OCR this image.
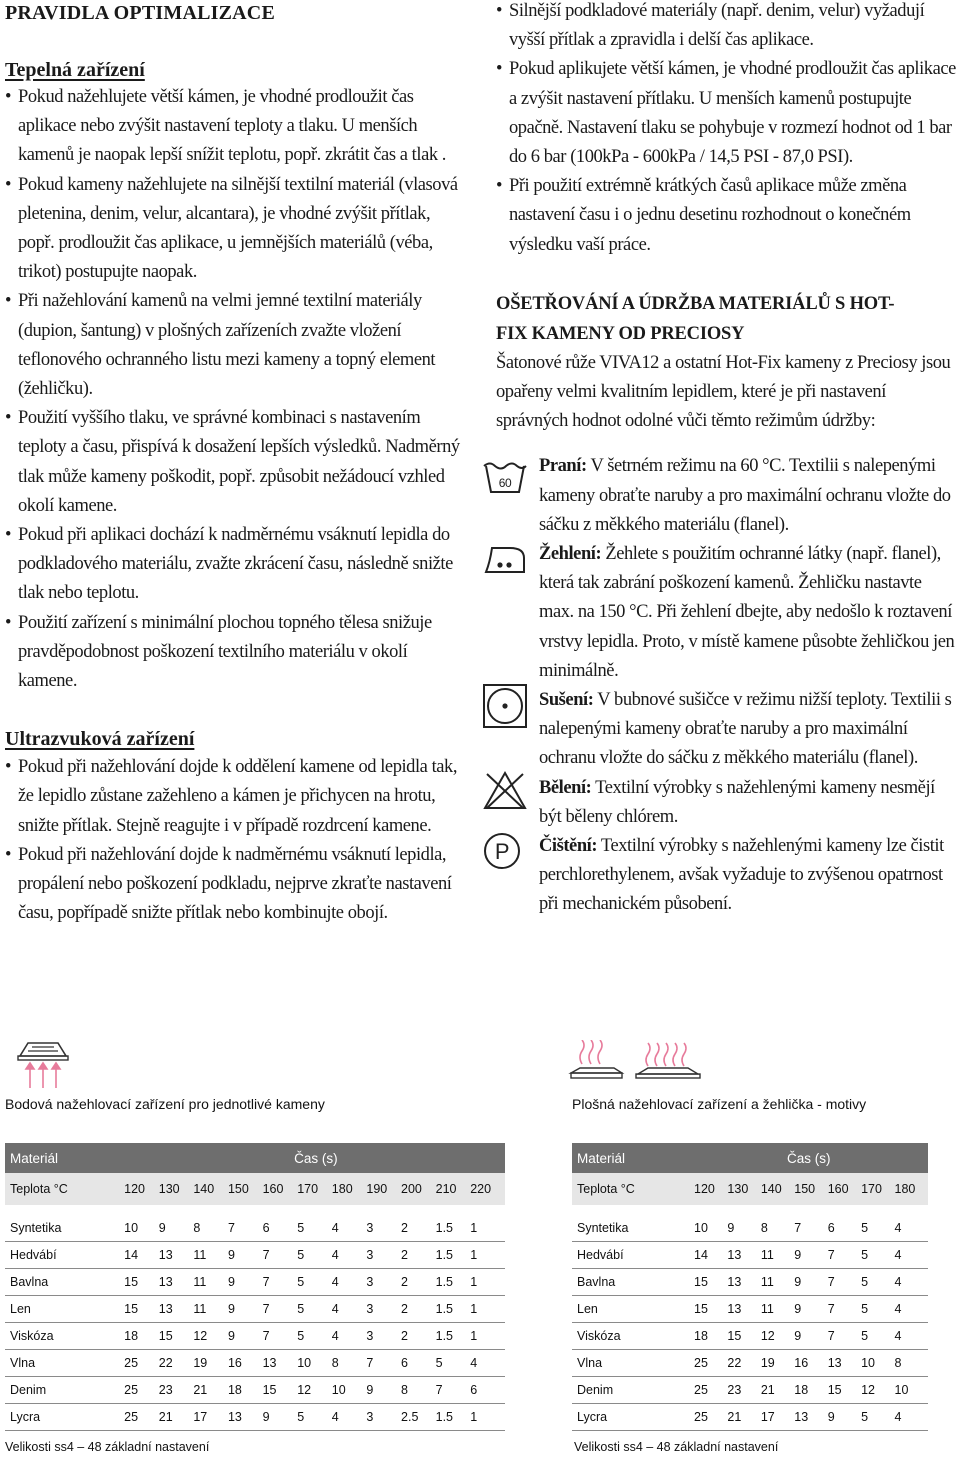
PRAVIDLA OPTIMALIZACE
Tepelná zařízení
• Pokud nažehlujete větší kámen, je vhodné prodloužit čas aplikace nebo zvýšit nastavení teploty a tlaku. U menších kamenů je naopak lepší snížit teplotu, popř. zkrátit čas a tlak .
• Pokud kameny nažehlujete na silnější textilní materiál (vlasová pletenina, denim, velur, alcantara), je vhodné zvýšit přítlak, popř. prodloužit čas aplikace, u jemnějších materiálů (véba, trikot) postupujte naopak.
• Při nažehlování kamenů na velmi jemné textilní materiály (dupion, šantung) v plošných zařízeních zvažte vložení teflonového ochranného listu mezi kameny a topný element (žehličku).
• Použití vyššího tlaku, ve správné kombinaci s nastavením teploty a času, přispívá k dosažení lepších výsledků. Nadměrný tlak může kameny poškodit, popř. způsobit nežádoucí vzhled okolí kamene.
• Pokud při aplikaci dochází k nadměrnému vsáknutí lepidla do podkladového materiálu, zvažte zkrácení času, následně snižte tlak nebo teplotu.
• Použití zařízení s minimální plochou topného tělesa snižuje pravděpodobnost poškození textilního materiálu v okolí kamene.
Ultrazvuková zařízení
• Pokud při nažehlování dojde k oddělení kamene od lepidla tak, že lepidlo zůstane zažehleno a kámen je přichycen na hrotu, snižte přítlak. Stejně reagujte i v případě rozdrcení kamene.
• Pokud při nažehlování dojde k nadměrnému vsáknutí lepidla, propálení nebo poškození podkladu, nejprve zkraťte nastavení času, popřípadě snižte přítlak nebo kombinujte obojí.
• Silnější podkladové materiály (např. denim, velur) vyžadují vyšší přítlak a zpravidla i delší čas aplikace.
• Pokud aplikujete větší kámen, je vhodné prodloužit čas aplikace a zvýšit nastavení přítlaku. U menších kamenů postupujte opačně. Nastavení tlaku se pohybuje v rozmezí hodnot od 1 bar do 6 bar (100kPa - 600kPa / 14,5 PSI - 87,0 PSI).
• Při použití extrémně krátkých časů aplikace může změna nastavení času i o jednu desetinu rozhodnout o konečném výsledku vaší práce.
OŠETŘOVÁNÍ A ÚDRŽBA MATERIÁLŮ S HOT-FIX KAMENY OD PRECIOSY

Šatonové růže VIVA12 a ostatní Hot-Fix kameny z Preciosy jsou opařeny velmi kvalitním lepidlem, které je při nastavení správných hodnot odolné vůči těmto režimům údržby:

60
Praní: V šetrném režimu na 60 °C. Textilii s nalepenými kameny obraťte naruby a pro maximální ochranu vložte do sáčku z měkkého materiálu (flanel).
Žehlení: Žehlete s použitím ochranné látky (např. flanel), která tak zabrání poškození kamenů. Žehličku nastavte max. na 150 °C. Při žehlení dbejte, aby nedošlo k roztavení vrstvy lepidla. Proto, v místě kamene působte žehličkou jen minimálně.
Sušení: V bubnové sušičce v režimu nižší teploty. Textilii s nalepenými kameny obraťte naruby a pro maximální ochranu vložte do sáčku z měkkého materiálu (flanel).
Bělení: Textilní výrobky s nažehlenými kameny nesmějí být běleny chlórem.
P Čištění: Textilní výrobky s nažehlenými kameny lze čistit perchlorethylenem, avšak vyžaduje to zvýšenou opatrnost při mechanickém působení.
Bodová nažehlovací zařízení pro jednotlivé kameny	Plošná nažehlovací zařízení a žehlička - motivy
Materiál	Čas (s)										
Teplota °C	120	130	140	150	160	170	180	190	200	210	220

Syntetika	10	9	8	7	6	5	4	3	2	1.5	1
Hedvábí	14	13	11	9	7	5	4	3	2	1.5	1
Bavlna	15	13	11	9	7	5	4	3	2	1.5	1
Len	15	13	11	9	7	5	4	3	2	1.5	1
Viskóza	18	15	12	9	7	5	4	3	2	1.5	1
Vlna	25	22	19	16	13	10	8	7	6	5	4
Denim	25	23	21	18	15	12	10	9	8	7	6
Lycra	25	21	17	13	9	5	4	3	2.5	1.5	1
Velikosti ss4 – 48 základní nastavení
Materiál	Čas (s)						
Teplota °C	120	130	140	150	160	170	180

Syntetika	10	9	8	7	6	5	4
Hedvábí	14	13	11	9	7	5	4
Bavlna	15	13	11	9	7	5	4
Len	15	13	11	9	7	5	4
Viskóza	18	15	12	9	7	5	4
Vlna	25	22	19	16	13	10	8
Denim	25	23	21	18	15	12	10
Lycra	25	21	17	13	9	5	4
Velikosti ss4 – 48 základní nastavení
